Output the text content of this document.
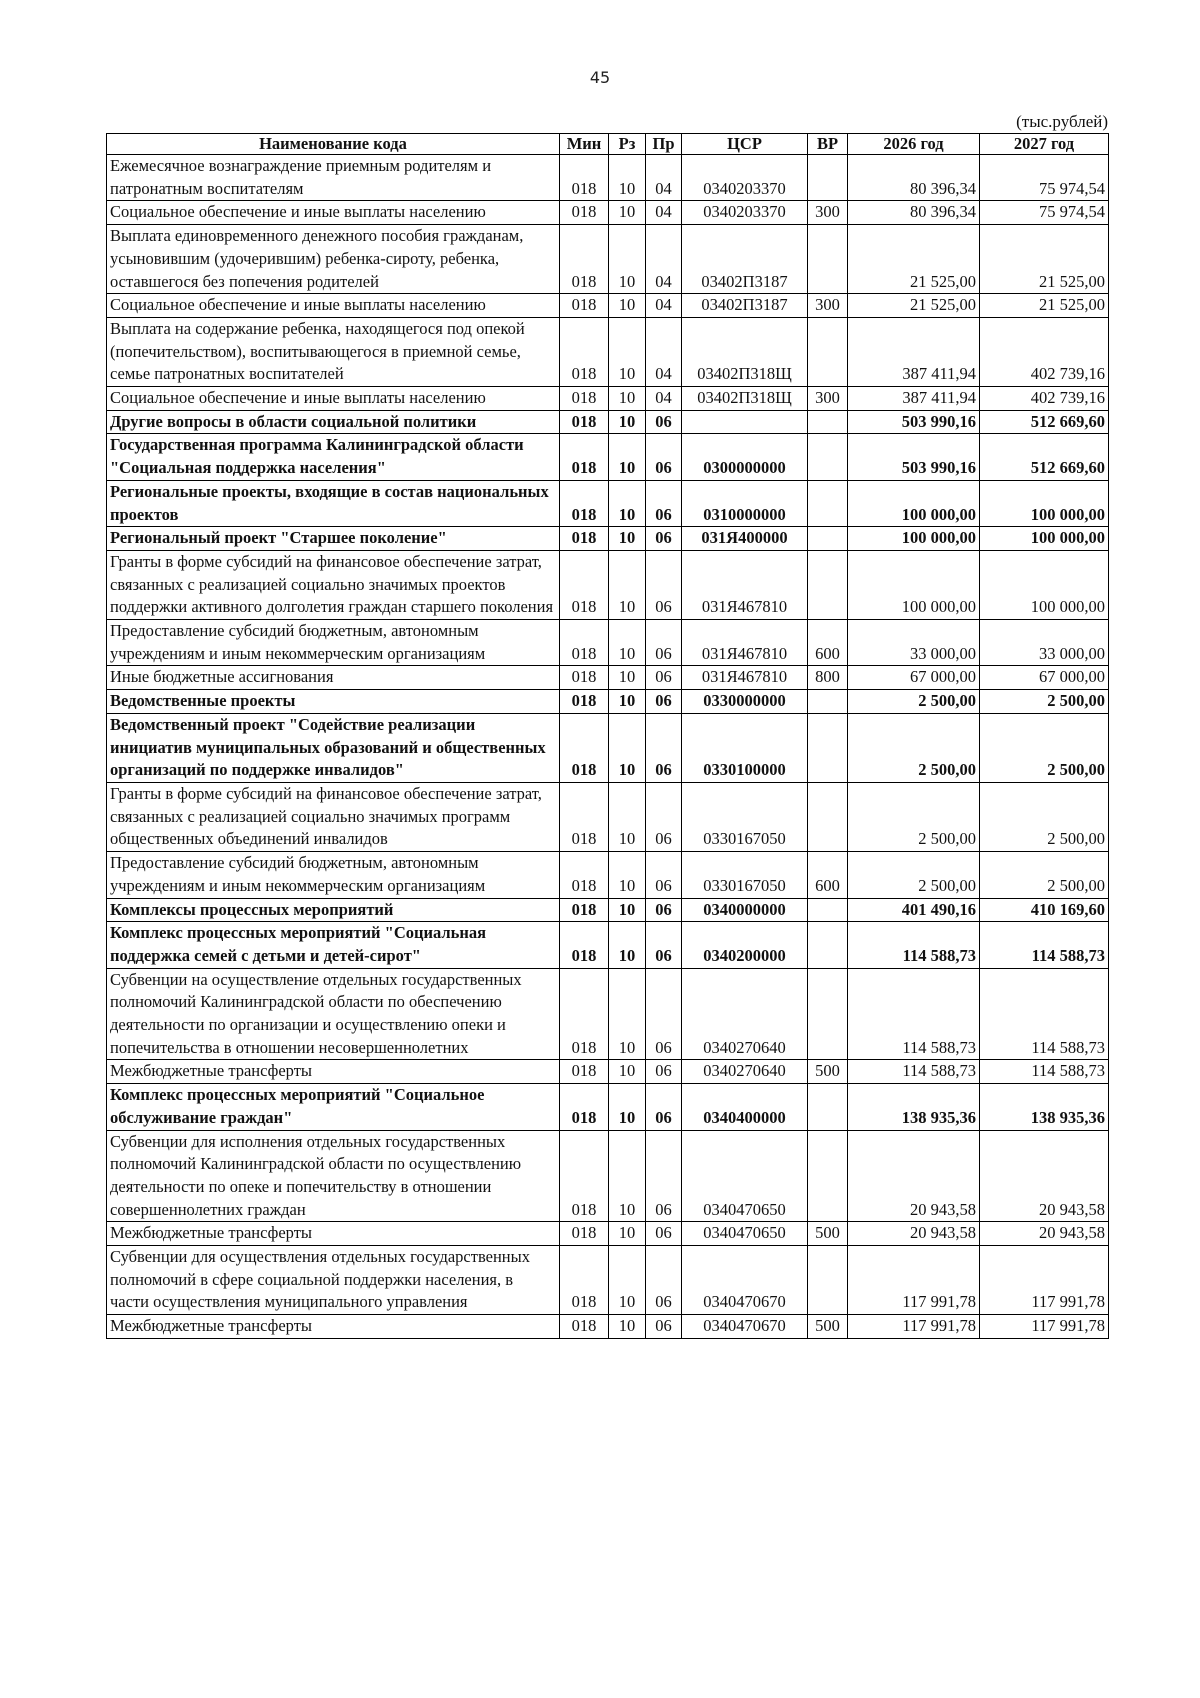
45
(тыс.рублей)
Наименование кода	Мин	Рз	Пр	ЦСР	ВР	2026 год	2027 год
Ежемесячное вознаграждение приемным родителям и патронатным воспитателям	018	10	04	0340203370		80 396,34	75 974,54
Социальное обеспечение и иные выплаты населению	018	10	04	0340203370	300	80 396,34	75 974,54
Выплата единовременного денежного пособия гражданам, усыновившим (удочерившим) ребенка-сироту, ребенка, оставшегося без попечения родителей	018	10	04	03402П3187		21 525,00	21 525,00
Социальное обеспечение и иные выплаты населению	018	10	04	03402П3187	300	21 525,00	21 525,00
Выплата на содержание ребенка, находящегося под опекой (попечительством), воспитывающегося в приемной семье, семье патронатных воспитателей	018	10	04	03402П318Щ		387 411,94	402 739,16
Социальное обеспечение и иные выплаты населению	018	10	04	03402П318Щ	300	387 411,94	402 739,16
Другие вопросы в области социальной политики	018	10	06			503 990,16	512 669,60
Государственная программа Калининградской области "Социальная поддержка населения"	018	10	06	0300000000		503 990,16	512 669,60
Региональные проекты, входящие в состав национальных проектов	018	10	06	0310000000		100 000,00	100 000,00
Региональный проект "Старшее поколение"	018	10	06	031Я400000		100 000,00	100 000,00
Гранты в форме субсидий на финансовое обеспечение затрат, связанных с реализацией социально значимых проектов поддержки активного долголетия граждан старшего поколения	018	10	06	031Я467810		100 000,00	100 000,00
Предоставление субсидий бюджетным, автономным учреждениям и иным некоммерческим организациям	018	10	06	031Я467810	600	33 000,00	33 000,00
Иные бюджетные ассигнования	018	10	06	031Я467810	800	67 000,00	67 000,00
Ведомственные проекты	018	10	06	0330000000		2 500,00	2 500,00
Ведомственный проект "Содействие реализации инициатив муниципальных образований и общественных организаций по поддержке инвалидов"	018	10	06	0330100000		2 500,00	2 500,00
Гранты в форме субсидий на финансовое обеспечение затрат, связанных с реализацией социально значимых программ общественных объединений инвалидов	018	10	06	0330167050		2 500,00	2 500,00
Предоставление субсидий бюджетным, автономным учреждениям и иным некоммерческим организациям	018	10	06	0330167050	600	2 500,00	2 500,00
Комплексы процессных мероприятий	018	10	06	0340000000		401 490,16	410 169,60
Комплекс процессных мероприятий "Социальная поддержка семей с детьми и детей-сирот"	018	10	06	0340200000		114 588,73	114 588,73
Субвенции на осуществление отдельных государственных полномочий Калининградской области по обеспечению деятельности по организации и осуществлению опеки и попечительства в отношении несовершеннолетних	018	10	06	0340270640		114 588,73	114 588,73
Межбюджетные трансферты	018	10	06	0340270640	500	114 588,73	114 588,73
Комплекс процессных мероприятий "Социальное обслуживание граждан"	018	10	06	0340400000		138 935,36	138 935,36
Субвенции для исполнения отдельных государственных полномочий Калининградской области по осуществлению деятельности по опеке и попечительству в отношении совершеннолетних граждан	018	10	06	0340470650		20 943,58	20 943,58
Межбюджетные трансферты	018	10	06	0340470650	500	20 943,58	20 943,58
Субвенции для осуществления отдельных государственных полномочий в сфере социальной поддержки населения, в части осуществления муниципального управления	018	10	06	0340470670		117 991,78	117 991,78
Межбюджетные трансферты	018	10	06	0340470670	500	117 991,78	117 991,78
